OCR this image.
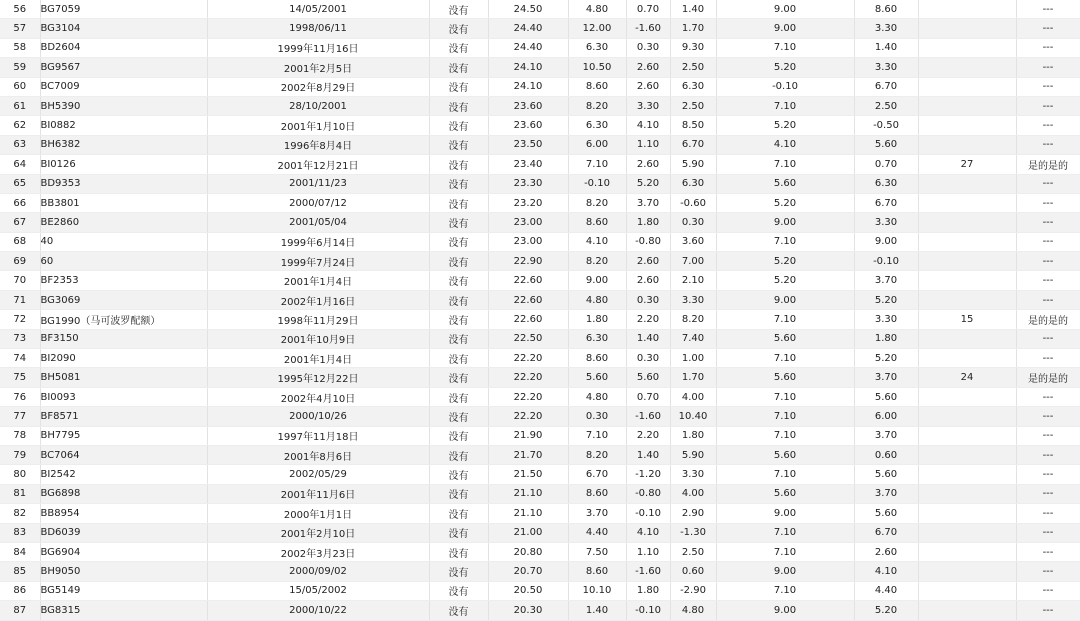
56	BG7059	14/05/2001	没有	24.50	4.80	0.70	1.40	9.00	8.60		---
57	BG3104	1998/06/11	没有	24.40	12.00	-1.60	1.70	9.00	3.30		---
58	BD2604	1999年11月16日	没有	24.40	6.30	0.30	9.30	7.10	1.40		---
59	BG9567	2001年2月5日	没有	24.10	10.50	2.60	2.50	5.20	3.30		---
60	BC7009	2002年8月29日	没有	24.10	8.60	2.60	6.30	-0.10	6.70		---
61	BH5390	28/10/2001	没有	23.60	8.20	3.30	2.50	7.10	2.50		---
62	BI0882	2001年1月10日	没有	23.60	6.30	4.10	8.50	5.20	-0.50		---
63	BH6382	1996年8月4日	没有	23.50	6.00	1.10	6.70	4.10	5.60		---
64	BI0126	2001年12月21日	没有	23.40	7.10	2.60	5.90	7.10	0.70	27	是的是的
65	BD9353	2001/11/23	没有	23.30	-0.10	5.20	6.30	5.60	6.30		---
66	BB3801	2000/07/12	没有	23.20	8.20	3.70	-0.60	5.20	6.70		---
67	BE2860	2001/05/04	没有	23.00	8.60	1.80	0.30	9.00	3.30		---
68	40	1999年6月14日	没有	23.00	4.10	-0.80	3.60	7.10	9.00		---
69	60	1999年7月24日	没有	22.90	8.20	2.60	7.00	5.20	-0.10		---
70	BF2353	2001年1月4日	没有	22.60	9.00	2.60	2.10	5.20	3.70		---
71	BG3069	2002年1月16日	没有	22.60	4.80	0.30	3.30	9.00	5.20		---
72	BG1990（马可波罗配额）	1998年11月29日	没有	22.60	1.80	2.20	8.20	7.10	3.30	15	是的是的
73	BF3150	2001年10月9日	没有	22.50	6.30	1.40	7.40	5.60	1.80		---
74	BI2090	2001年1月4日	没有	22.20	8.60	0.30	1.00	7.10	5.20		---
75	BH5081	1995年12月22日	没有	22.20	5.60	5.60	1.70	5.60	3.70	24	是的是的
76	BI0093	2002年4月10日	没有	22.20	4.80	0.70	4.00	7.10	5.60		---
77	BF8571	2000/10/26	没有	22.20	0.30	-1.60	10.40	7.10	6.00		---
78	BH7795	1997年11月18日	没有	21.90	7.10	2.20	1.80	7.10	3.70		---
79	BC7064	2001年8月6日	没有	21.70	8.20	1.40	5.90	5.60	0.60		---
80	BI2542	2002/05/29	没有	21.50	6.70	-1.20	3.30	7.10	5.60		---
81	BG6898	2001年11月6日	没有	21.10	8.60	-0.80	4.00	5.60	3.70		---
82	BB8954	2000年1月1日	没有	21.10	3.70	-0.10	2.90	9.00	5.60		---
83	BD6039	2001年2月10日	没有	21.00	4.40	4.10	-1.30	7.10	6.70		---
84	BG6904	2002年3月23日	没有	20.80	7.50	1.10	2.50	7.10	2.60		---
85	BH9050	2000/09/02	没有	20.70	8.60	-1.60	0.60	9.00	4.10		---
86	BG5149	15/05/2002	没有	20.50	10.10	1.80	-2.90	7.10	4.40		---
87	BG8315	2000/10/22	没有	20.30	1.40	-0.10	4.80	9.00	5.20		---
